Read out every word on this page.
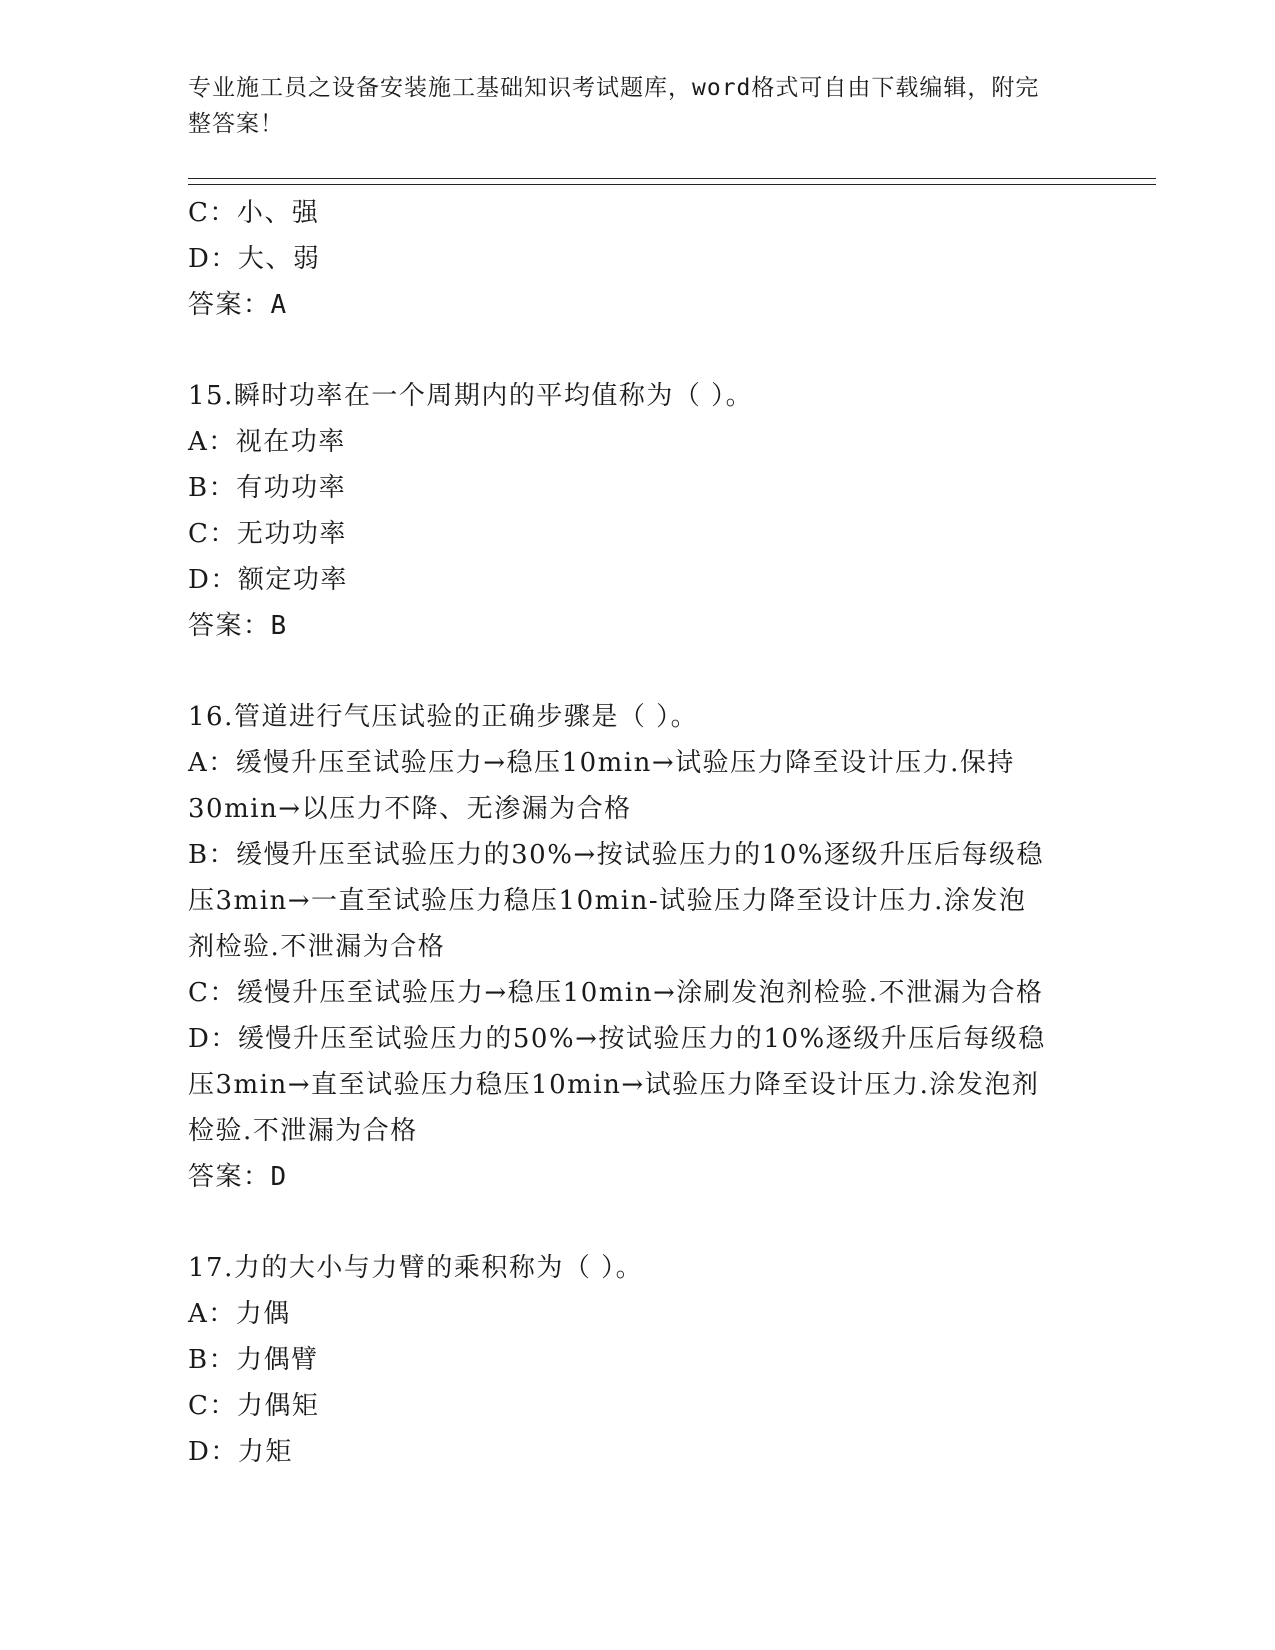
专业施工员之设备安装施工基础知识考试题库，word格式可自由下载编辑，附完
整答案！
C：小、强
D：大、弱
答案：A
15.瞬时功率在一个周期内的平均值称为（ ）。
A：视在功率
B：有功功率
C：无功功率
D：额定功率
答案：B
16.管道进行气压试验的正确步骤是（ ）。
A：缓慢升压至试验压力→稳压10min→试验压力降至设计压力.保持
30min→以压力不降、无渗漏为合格
B：缓慢升压至试验压力的30%→按试验压力的10%逐级升压后每级稳
压3min→一直至试验压力稳压10min-试验压力降至设计压力.涂发泡
剂检验.不泄漏为合格
C：缓慢升压至试验压力→稳压10min→涂刷发泡剂检验.不泄漏为合格
D：缓慢升压至试验压力的50%→按试验压力的10%逐级升压后每级稳
压3min→直至试验压力稳压10min→试验压力降至设计压力.涂发泡剂
检验.不泄漏为合格
答案：D
17.力的大小与力臂的乘积称为（ ）。
A：力偶
B：力偶臂
C：力偶矩
D：力矩
